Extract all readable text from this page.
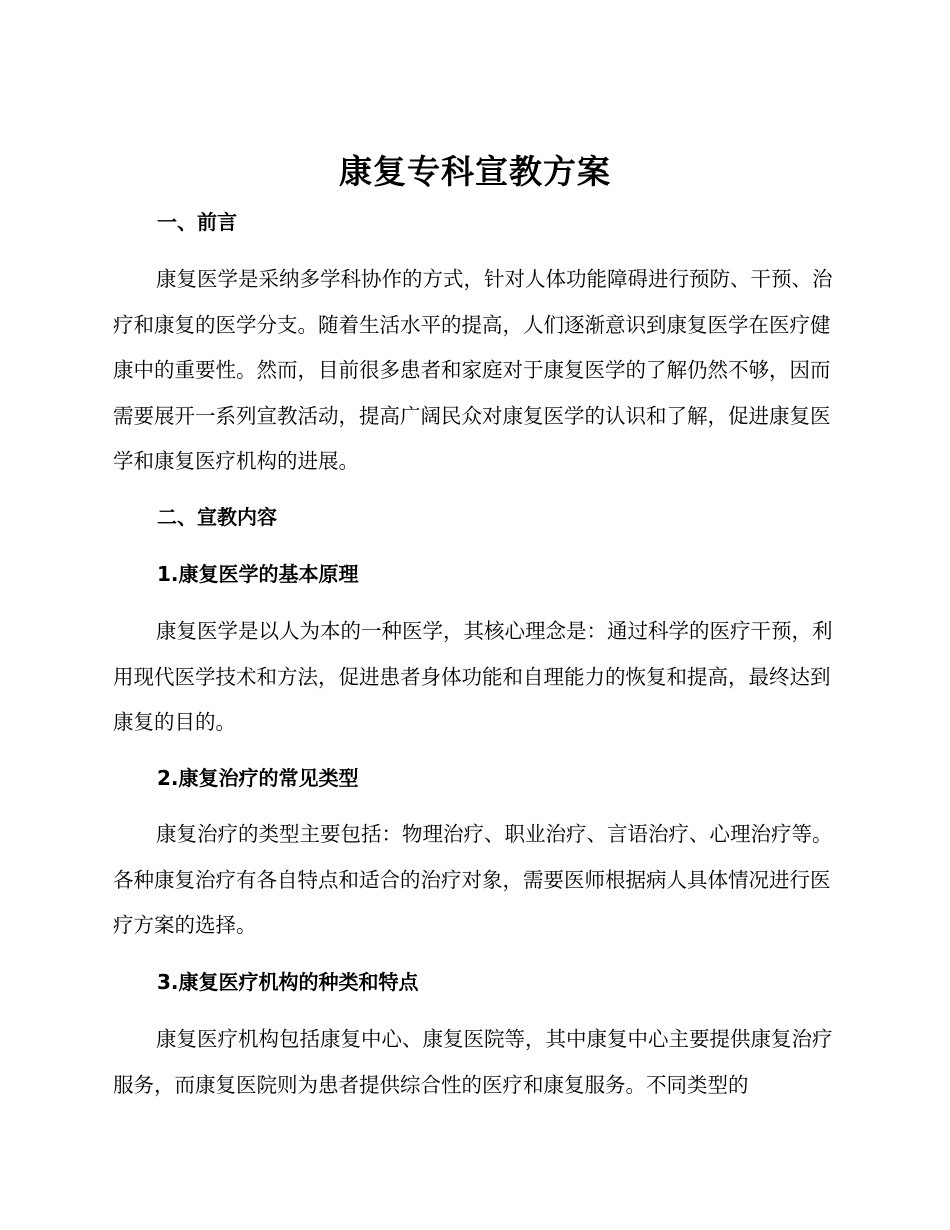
康复专科宣教方案
一、前言
康复医学是采纳多学科协作的方式，针对人体功能障碍进行预防、干预、治疗和康复的医学分支。随着生活水平的提高，人们逐渐意识到康复医学在医疗健康中的重要性。然而，目前很多患者和家庭对于康复医学的了解仍然不够，因而需要展开一系列宣教活动，提高广阔民众对康复医学的认识和了解，促进康复医学和康复医疗机构的进展。
二、宣教内容
1.康复医学的基本原理
康复医学是以人为本的一种医学，其核心理念是：通过科学的医疗干预，利用现代医学技术和方法，促进患者身体功能和自理能力的恢复和提高，最终达到康复的目的。
2.康复治疗的常见类型
康复治疗的类型主要包括：物理治疗、职业治疗、言语治疗、心理治疗等。各种康复治疗有各自特点和适合的治疗对象，需要医师根据病人具体情况进行医疗方案的选择。
3.康复医疗机构的种类和特点
康复医疗机构包括康复中心、康复医院等，其中康复中心主要提供康复治疗服务，而康复医院则为患者提供综合性的医疗和康复服务。不同类型的
